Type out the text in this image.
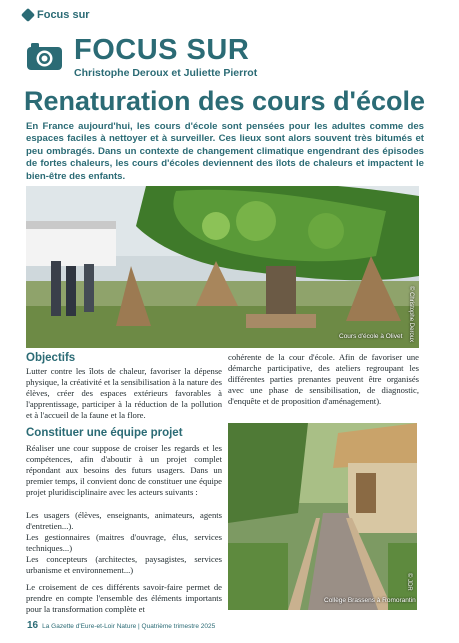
Focus sur
FOCUS SUR
Christophe Deroux et Juliette Pierrot
Renaturation des cours d'école

En France aujourd'hui, les cours d'école sont pensées pour les adultes comme des espaces faciles à nettoyer et à surveiller. Ces lieux sont alors souvent très bitumés et peu ombragés. Dans un contexte de changement climatique engendrant des épisodes de fortes chaleurs, les cours d'écoles deviennent des îlots de chaleurs et impactent le bien-être des enfants.

Cours d'école à Olivet © Christophe Deroux
Objectifs

Lutter contre les îlots de chaleur, favoriser la dépense physique, la créativité et la sensibilisation à la nature des élèves, créer des espaces extérieurs favorables à l'apprentissage, participer à la réduction de la pollution et à l'accueil de la faune et la flore.

cohérente de la cour d'école. Afin de favoriser une démarche participative, des ateliers regroupant les différentes parties prenantes peuvent être organisés avec une phase de sensibilisation, de diagnostic, d'enquête et de proposition d'aménagement).

Constituer une équipe projet

Réaliser une cour suppose de croiser les regards et les compétences, afin d'aboutir à un projet complet répondant aux besoins des futurs usagers. Dans un premier temps, il convient donc de constituer une équipe projet pluridisciplinaire avec les acteurs suivants :

Les usagers (élèves, enseignants, animateurs, agents d'entretien...).

Les gestionnaires (maitres d'ouvrage, élus, services techniques...)

Les concepteurs (architectes, paysagistes, services urbanisme et environnement...)

Le croisement de ces différents savoir-faire permet de prendre en compte l'ensemble des éléments importants pour la transformation complète et

Collège Brassens à Romorantin
© JDR
16 La Gazette d'Eure-et-Loir Nature | Quatrième trimestre 2025
